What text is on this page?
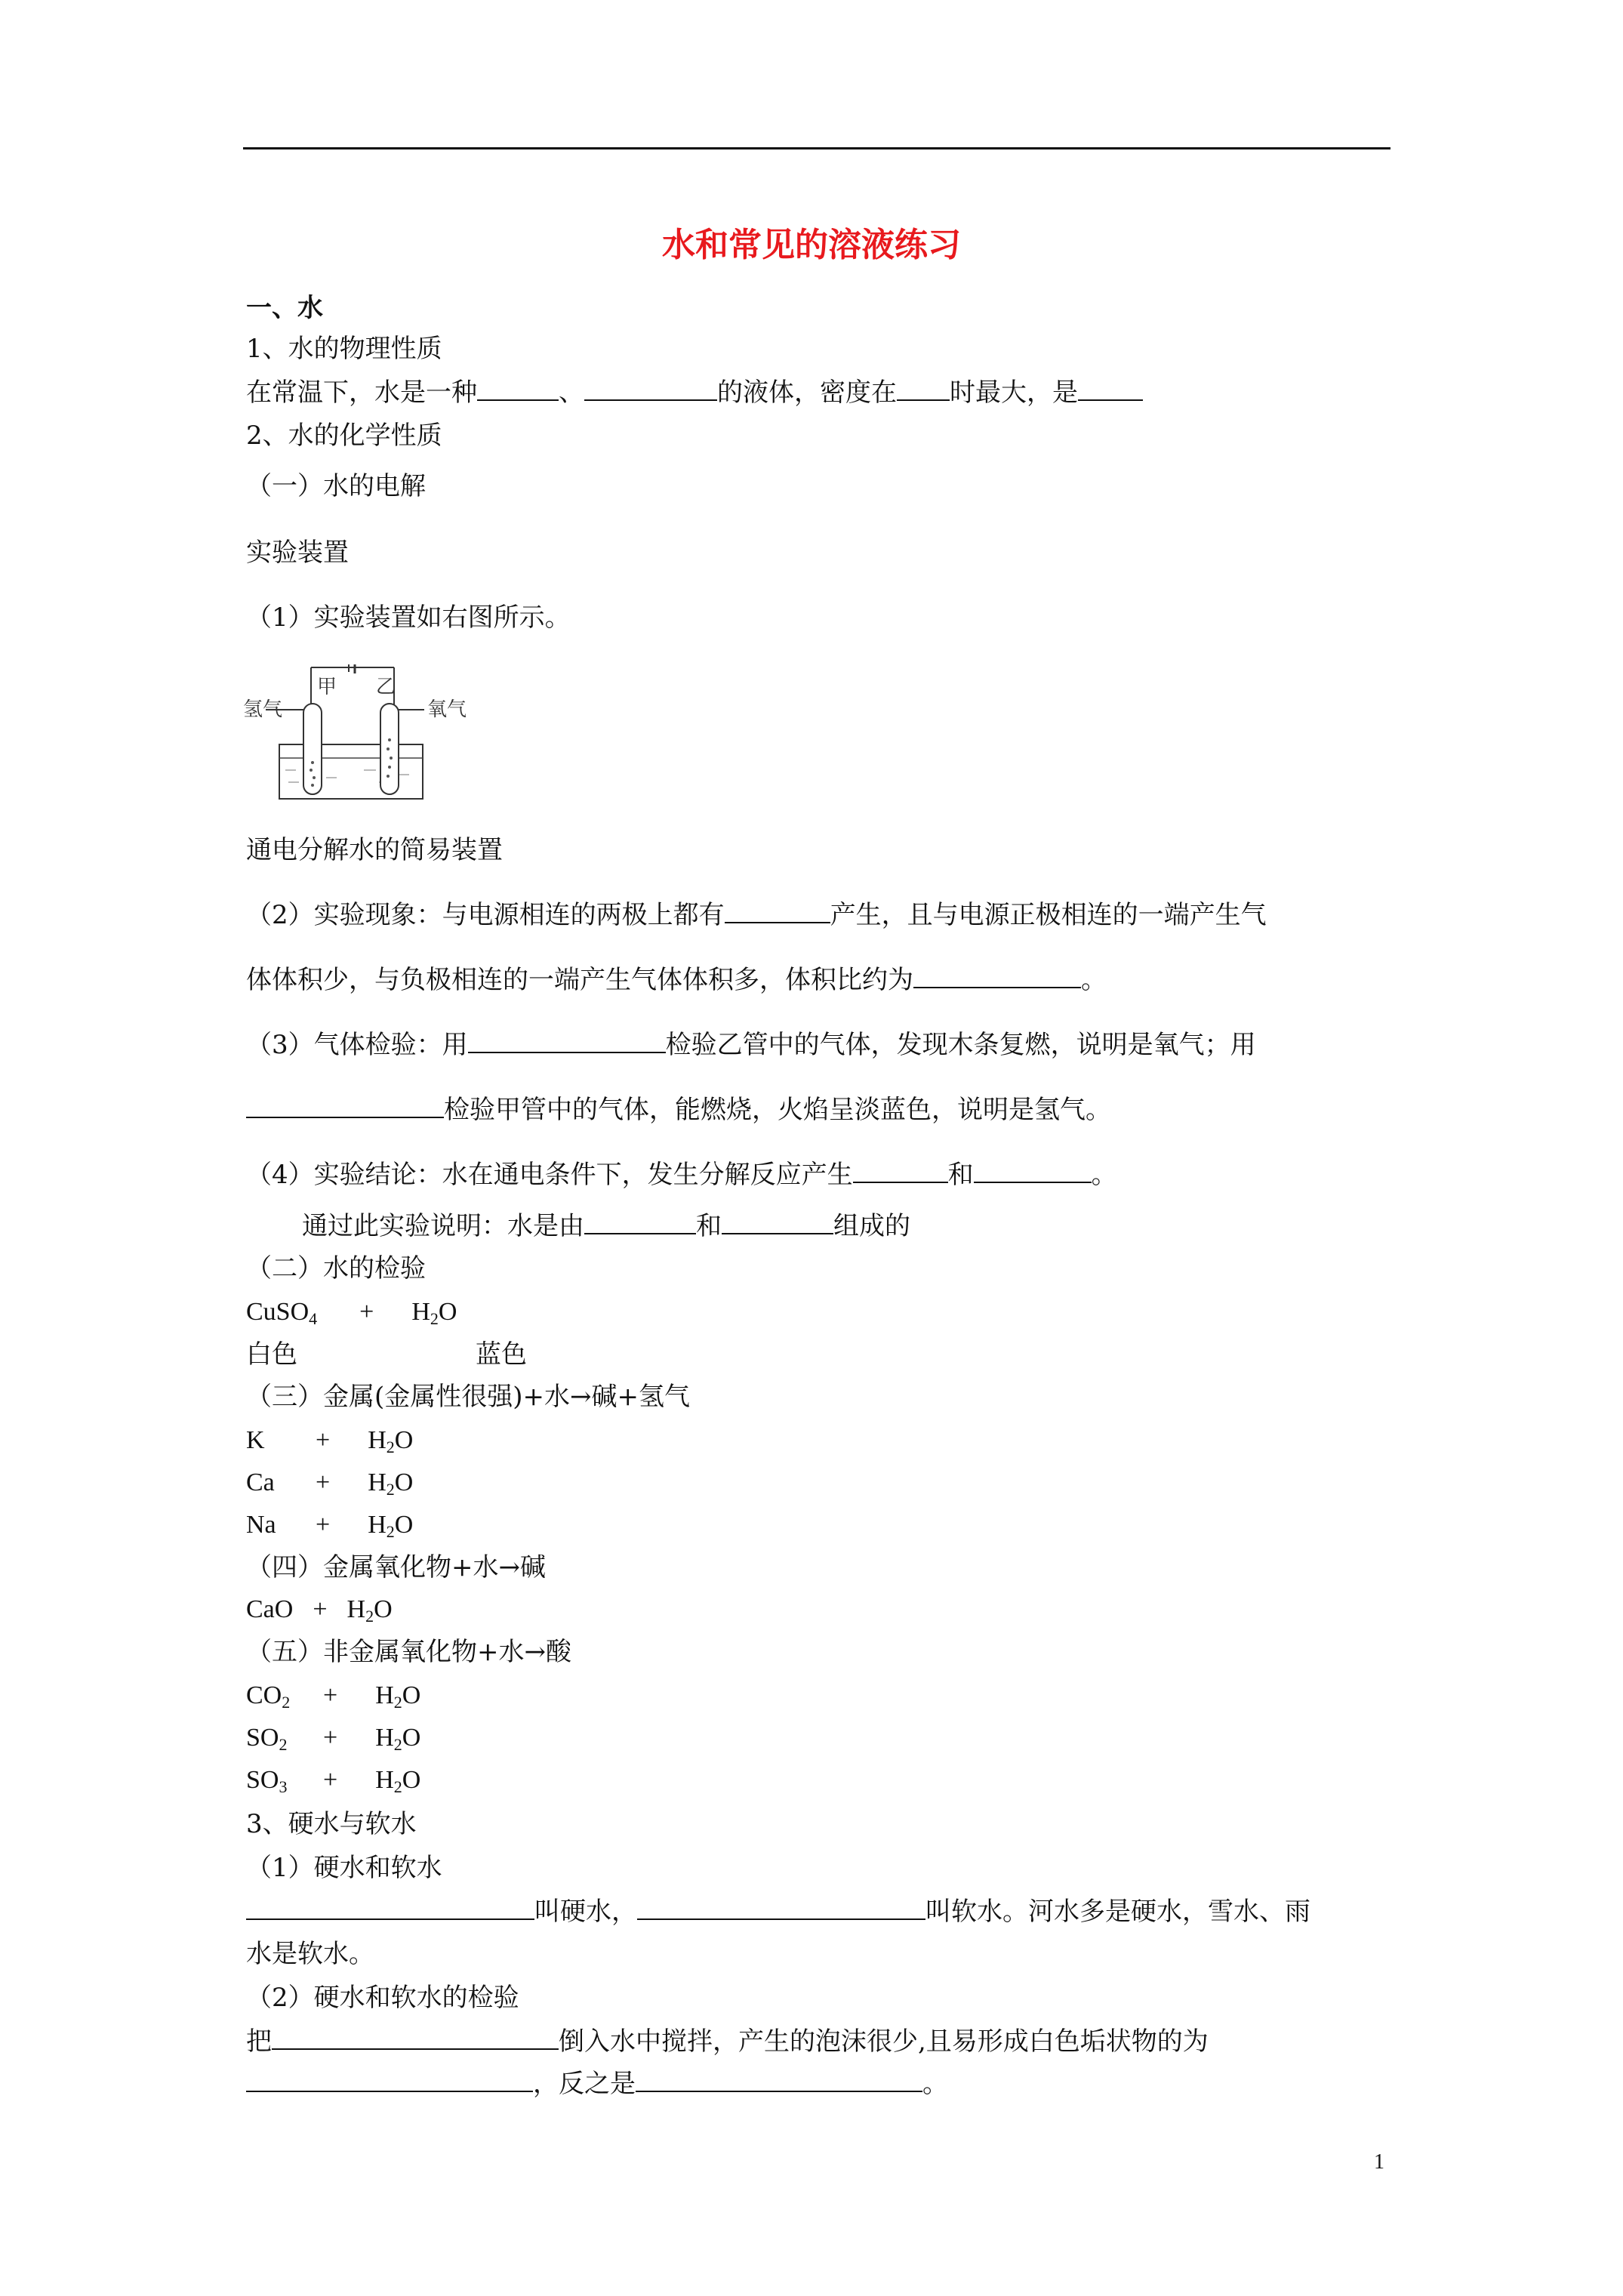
水和常见的溶液练习
一、水
1、水的物理性质
在常温下，水是一种	、	的液体，密度在 时最大，是
2、水的化学性质
（一）水的电解
实验装置
（1）实验装置如右图所示。
氢气
甲 乙
氧气
通电分解水的简易装置
（2）实验现象：与电源相连的两极上都有	产生，且与电源正极相连的一端产生气
体体积少，与负极相连的一端产生气体体积多，体积比约为	。
（3）气体检验：用	检验乙管中的气体，发现木条复燃，说明是氧气；用
检验甲管中的气体，能燃烧，火焰呈淡蓝色，说明是氢气。
（4）实验结论：水在通电条件下，发生分解反应产生	和	。
通过此实验说明：水是由	和	组成的
（二）水的检验
CuSO$_4$ + $H_2O$
白色	蓝色
（三）金属(金属性很强)+水→碱+氢气
$K + H_2O$
$Ca + H_2O$
$Na + H_2O$
（四）金属氧化物+水→碱
CaO + $H_2O$
（五）非金属氧化物+水→酸
$CO_2 + H_2O$
$SO_2 + H_2O$
$SO_3 + H_2O$
3、硬水与软水
（1）硬水和软水
叫硬水，	叫软水。河水多是硬水，雪水、雨
水是软水。
（2）硬水和软水的检验
把	倒入水中搅拌，产生的泡沫很少,且易形成白色垢状物的为
，反之是	。
1
